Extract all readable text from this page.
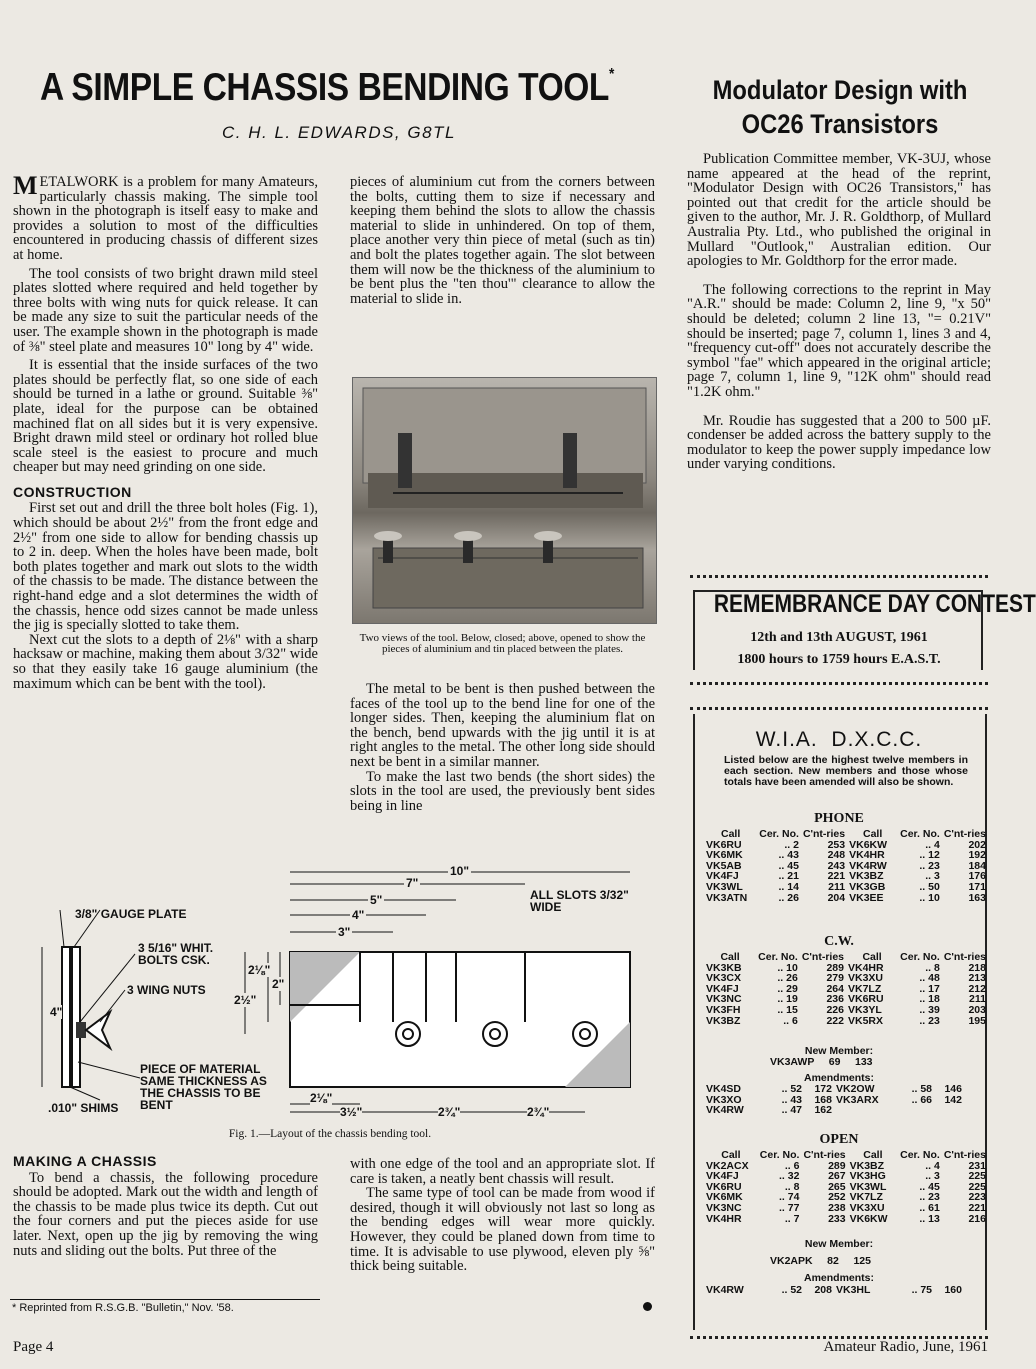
A SIMPLE CHASSIS BENDING TOOL*
C. H. L. EDWARDS, G8TL

METALWORK is a problem for many Amateurs, particularly chassis making. The simple tool shown in the photograph is itself easy to make and provides a solution to most of the difficulties encountered in producing chassis of different sizes at home.

The tool consists of two bright drawn mild steel plates slotted where required and held together by three bolts with wing nuts for quick release. It can be made any size to suit the particular needs of the user. The example shown in the photograph is made of ⅜" steel plate and measures 10" long by 4" wide.

It is essential that the inside surfaces of the two plates should be perfectly flat, so one side of each should be turned in a lathe or ground. Suitable ⅜" plate, ideal for the purpose can be obtained machined flat on all sides but it is very expensive. Bright drawn mild steel or ordinary hot rolled blue scale steel is the easiest to procure and much cheaper but may need grinding on one side.

CONSTRUCTION

First set out and drill the three bolt holes (Fig. 1), which should be about 2½" from the front edge and 2½" from one side to allow for bending chassis up to 2 in. deep. When the holes have been made, bolt both plates together and mark out slots to the width of the chassis to be made. The distance between the right-hand edge and a slot determines the width of the chassis, hence odd sizes cannot be made unless the jig is specially slotted to take them.

Next cut the slots to a depth of 2⅛" with a sharp hacksaw or machine, making them about 3/32" wide so that they easily take 16 gauge aluminium (the maximum which can be bent with the tool).

pieces of aluminium cut from the corners between the bolts, cutting them to size if necessary and keeping them behind the slots to allow the chassis material to slide in unhindered. On top of them, place another very thin piece of metal (such as tin) and bolt the plates together again. The slot between them will now be the thickness of the aluminium to be bent plus the "ten thou'" clearance to allow the material to slide in.

Two views of the tool. Below, closed; above, opened to show the pieces of aluminium and tin placed between the plates.

The metal to be bent is then pushed between the faces of the tool up to the bend line for one of the longer sides. Then, keeping the aluminium flat on the bench, bend upwards with the jig until it is at right angles to the metal. The other long side should next be bent in a similar manner.

To make the last two bends (the short sides) the slots in the tool are used, the previously bent sides being in line

3/8" GAUGE PLATE
3 5/16" WHIT. BOLTS CSK.
3 WING NUTS
PIECE OF MATERIAL SAME THICKNESS AS THE CHASSIS TO BE BENT
.010" SHIMS
ALL SLOTS 3/32" WIDE
10"
7"
5"
4"
3"
2⅛"
2"
2½"
4"
2⅛"
3½"	2¾"	2¾"
Fig. 1.—Layout of the chassis bending tool.
MAKING A CHASSIS

To bend a chassis, the following procedure should be adopted. Mark out the width and length of the chassis to be made plus twice its depth. Cut out the four corners and put the pieces aside for use later. Next, open up the jig by removing the wing nuts and sliding out the bolts. Put three of the

with one edge of the tool and an appropriate slot. If care is taken, a neatly bent chassis will result.

The same type of tool can be made from wood if desired, though it will obviously not last so long as the bending edges will wear more quickly. However, they could be planed down from time to time. It is advisable to use plywood, eleven ply ⅝" thick being suitable.

* Reprinted from R.S.G.B. "Bulletin," Nov. '58.
Modulator Design with
OC26 Transistors

Publication Committee member, VK-3UJ, whose name appeared at the head of the reprint, "Modulator Design with OC26 Transistors," has pointed out that credit for the article should be given to the author, Mr. J. R. Goldthorp, of Mullard Australia Pty. Ltd., who published the original in Mullard "Outlook," Australian edition. Our apologies to Mr. Goldthorp for the error made.

The following corrections to the reprint in May "A.R." should be made: Column 2, line 9, "x 50" should be deleted; column 2 line 13, "= 0.21V" should be inserted; page 7, column 1, lines 3 and 4, "frequency cut-off" does not accurately describe the symbol "fae" which appeared in the original article; page 7, column 1, line 9, "12K ohm" should read "1.2K ohm."

Mr. Roudie has suggested that a 200 to 500 µF. condenser be added across the battery supply to the modulator to keep the power supply impedance low under varying conditions.

REMEMBRANCE DAY CONTEST
12th and 13th AUGUST, 1961
1800 hours to 1759 hours E.A.S.T.
W.I.A.  D.X.C.C.
Listed below are the highest twelve members in each section. New members and those whose totals have been amended will also be shown.
PHONE
Call	Cer. No.	C'nt-ries	Call	Cer. No.	C'nt-ries
VK6RU	.. 2	253	VK6KW	.. 4	202
VK6MK	.. 43	248	VK4HR	.. 12	192
VK5AB	.. 45	243	VK4RW	.. 23	184
VK4FJ	.. 21	221	VK3BZ	.. 3	176
VK3WL	.. 14	211	VK3GB	.. 50	171
VK3ATN	.. 26	204	VK3EE	.. 10	163
C.W.
Call	Cer. No.	C'nt-ries	Call	Cer. No.	C'nt-ries
VK3KB	.. 10	289	VK4HR	.. 8	218
VK3CX	.. 26	279	VK3XU	.. 48	213
VK4FJ	.. 29	264	VK7LZ	.. 17	212
VK3NC	.. 19	236	VK6RU	.. 18	211
VK3FH	.. 15	226	VK3YL	.. 39	203
VK3BZ	.. 6	222	VK5RX	.. 23	195
New Member:
VK3AWP     69     133
Amendments:
VK4SD	.. 52	172	VK2OW	.. 58	146
VK3XO	.. 43	168	VK3ARX	.. 66	142
VK4RW	.. 47	162			
OPEN
Call	Cer. No.	C'nt-ries	Call	Cer. No.	C'nt-ries
VK2ACX	.. 6	289	VK3BZ	.. 4	231
VK4FJ	.. 32	267	VK3HG	.. 3	225
VK6RU	.. 8	265	VK3WL	.. 45	225
VK6MK	.. 74	252	VK7LZ	.. 23	223
VK3NC	.. 77	238	VK3XU	.. 61	221
VK4HR	.. 7	233	VK6KW	.. 13	216
New Member:
VK2APK     82     125
Amendments:
VK4RW	.. 52	208	VK3HL	.. 75	160
Page 4	Amateur Radio, June, 1961
